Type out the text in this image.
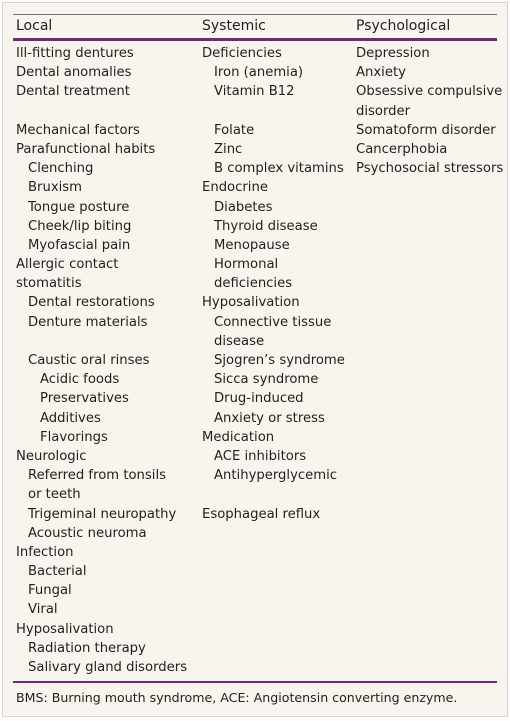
Local	Systemic	Psychological
Ill-fitting dentures
Dental anomalies
Dental treatment
Mechanical factors
Parafunctional habits
Clenching
Bruxism
Tongue posture
Cheek/lip biting
Myofascial pain
Allergic contact
stomatitis
Dental restorations
Denture materials
Caustic oral rinses
Acidic foods
Preservatives
Additives
Flavorings
Neurologic
Referred from tonsils
or teeth
Trigeminal neuropathy
Acoustic neuroma
Infection
Bacterial
Fungal
Viral
Hyposalivation
Radiation therapy
Salivary gland disorders
Deficiencies
Iron (anemia)
Vitamin B12
Folate
Zinc
B complex vitamins
Endocrine
Diabetes
Thyroid disease
Menopause
Hormonal
deficiencies
Hyposalivation
Connective tissue
disease
Sjogren’s syndrome
Sicca syndrome
Drug-induced
Anxiety or stress
Medication
ACE inhibitors
Antihyperglycemic
Esophageal reflux
Depression
Anxiety
Obsessive compulsive
disorder
Somatoform disorder
Cancerphobia
Psychosocial stressors
BMS: Burning mouth syndrome, ACE: Angiotensin converting enzyme.
